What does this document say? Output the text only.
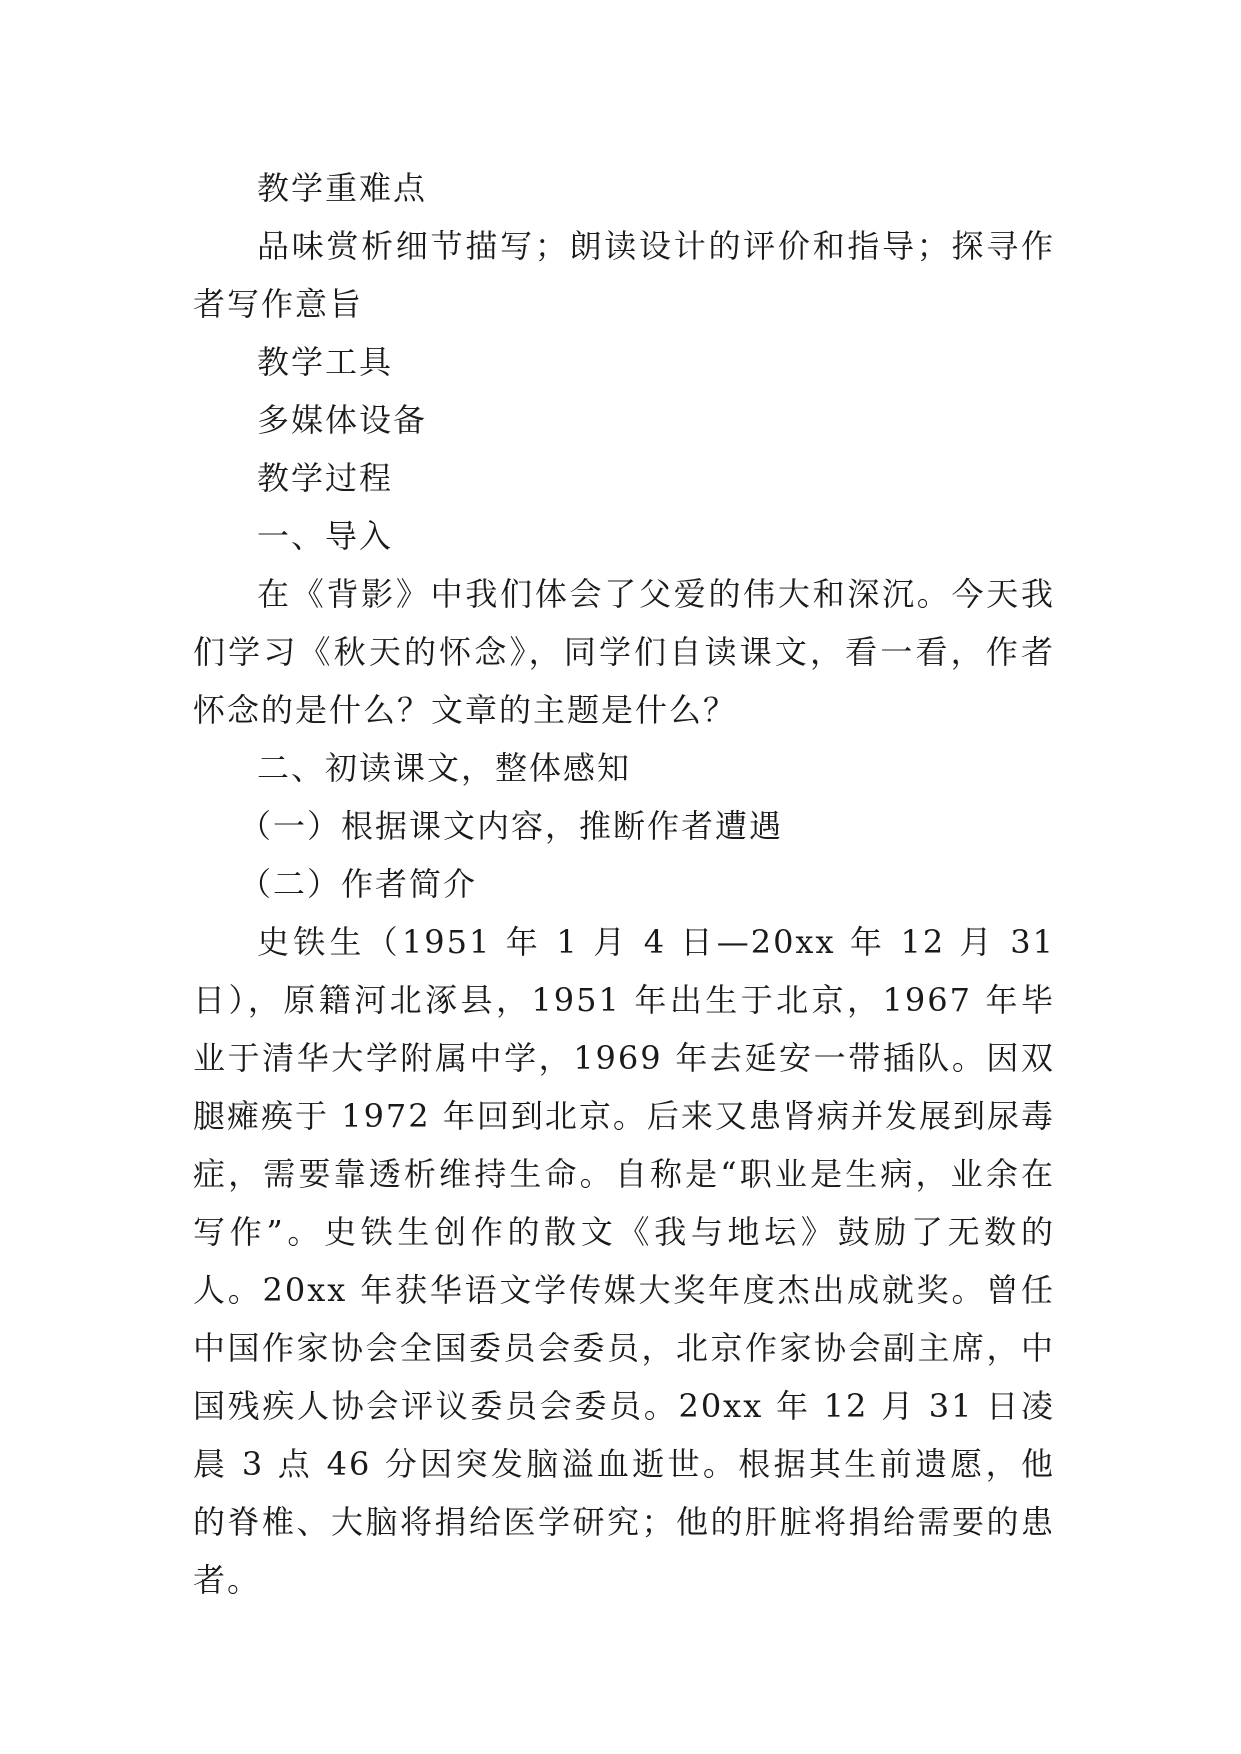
教学重难点

品味赏析细节描写；朗读设计的评价和指导；探寻作者写作意旨

教学工具

多媒体设备

教学过程

一、导入

在《背影》中我们体会了父爱的伟大和深沉。今天我们学习《秋天的怀念》，同学们自读课文，看一看，作者怀念的是什么？文章的主题是什么？

二、初读课文，整体感知

（一）根据课文内容，推断作者遭遇

（二）作者简介

史铁生（1951 年 1 月 4 日—20xx 年 12 月 31 日），原籍河北涿县，1951 年出生于北京，1967 年毕业于清华大学附属中学，1969 年去延安一带插队。因双腿瘫痪于 1972 年回到北京。后来又患肾病并发展到尿毒症，需要靠透析维持生命。自称是“职业是生病，业余在写作”。史铁生创作的散文《我与地坛》鼓励了无数的人。20xx 年获华语文学传媒大奖年度杰出成就奖。曾任中国作家协会全国委员会委员，北京作家协会副主席，中国残疾人协会评议委员会委员。20xx 年 12 月 31 日凌晨 3 点 46 分因突发脑溢血逝世。根据其生前遗愿，他的脊椎、大脑将捐给医学研究；他的肝脏将捐给需要的患者。
